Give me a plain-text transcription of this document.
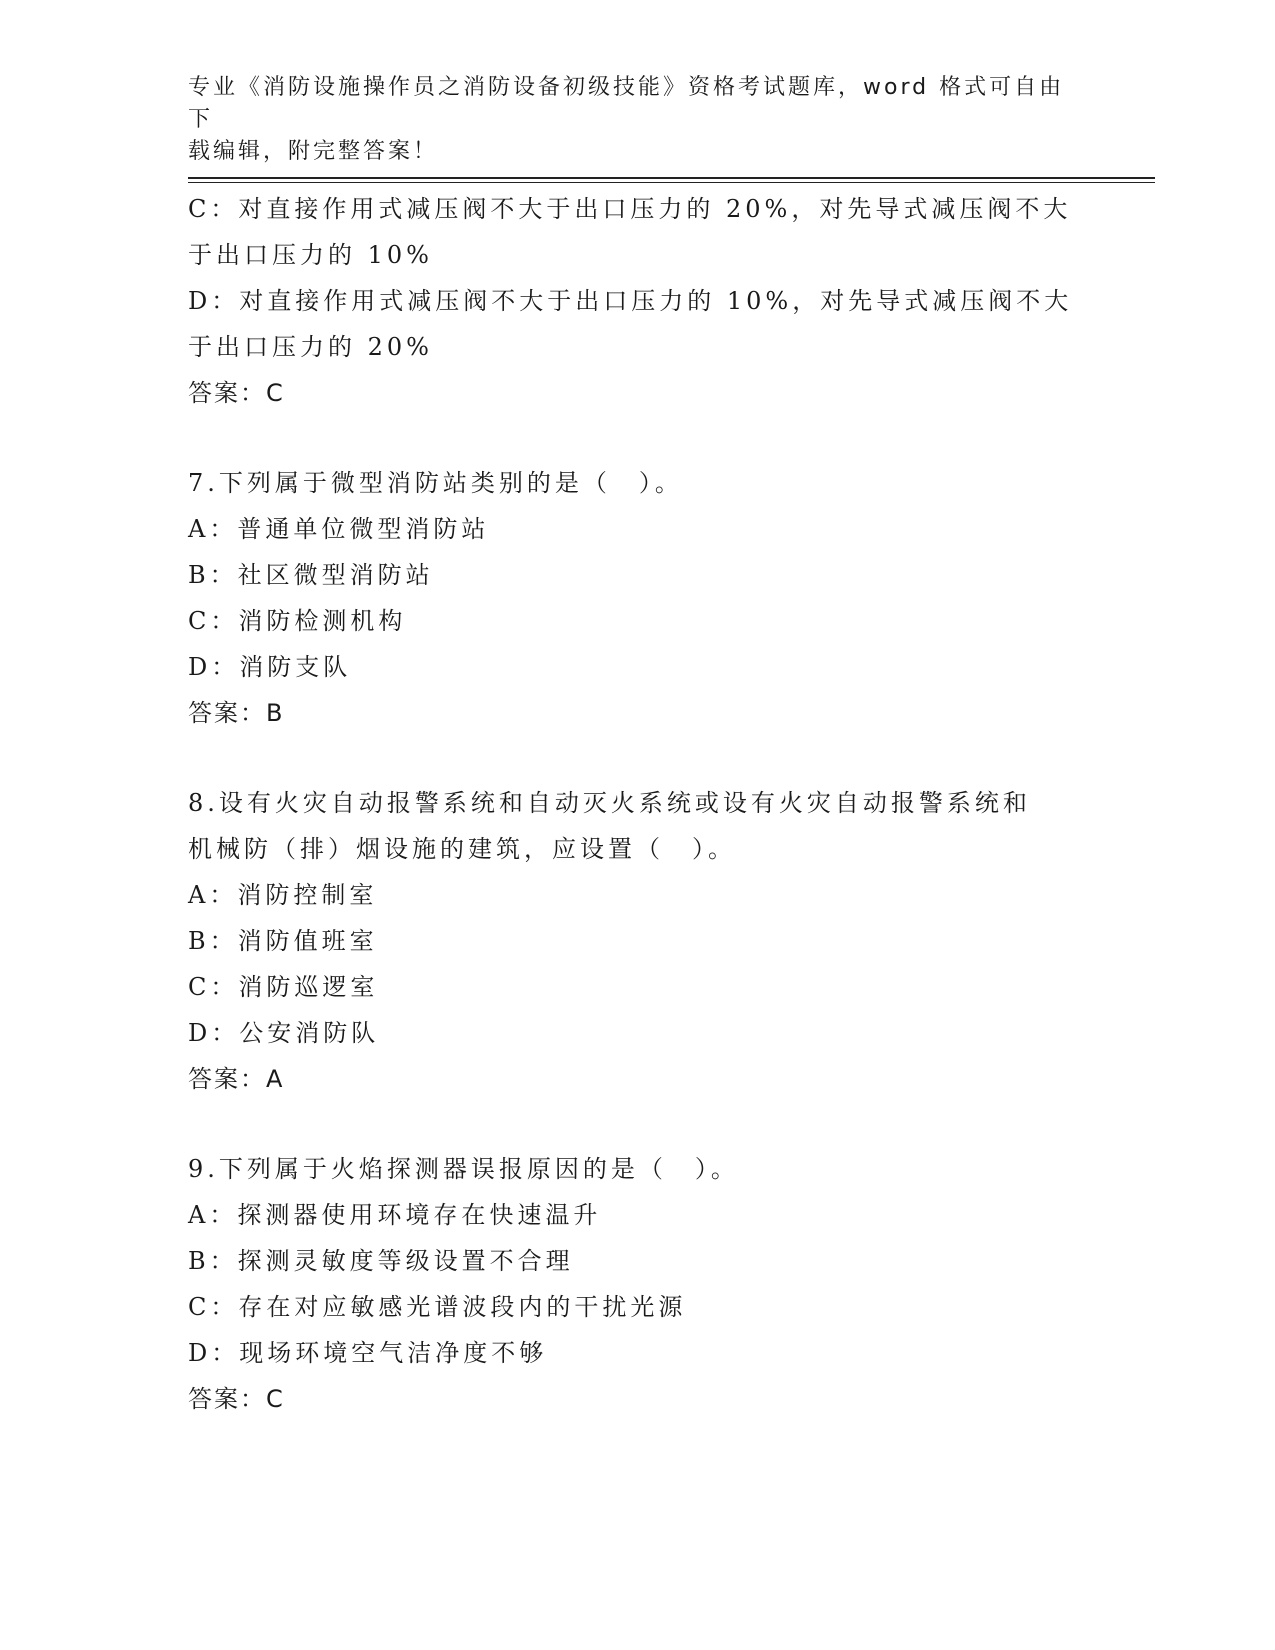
专业《消防设施操作员之消防设备初级技能》资格考试题库，word 格式可自由下
载编辑，附完整答案！
C：对直接作用式减压阀不大于出口压力的 20%，对先导式减压阀不大
于出口压力的 10%
D：对直接作用式减压阀不大于出口压力的 10%，对先导式减压阀不大
于出口压力的 20%
答案：C
7.下列属于微型消防站类别的是（　）。
A：普通单位微型消防站
B：社区微型消防站
C：消防检测机构
D：消防支队
答案：B
8.设有火灾自动报警系统和自动灭火系统或设有火灾自动报警系统和
机械防（排）烟设施的建筑，应设置（　）。
A：消防控制室
B：消防值班室
C：消防巡逻室
D：公安消防队
答案：A
9.下列属于火焰探测器误报原因的是（　）。
A：探测器使用环境存在快速温升
B：探测灵敏度等级设置不合理
C：存在对应敏感光谱波段内的干扰光源
D：现场环境空气洁净度不够
答案：C
